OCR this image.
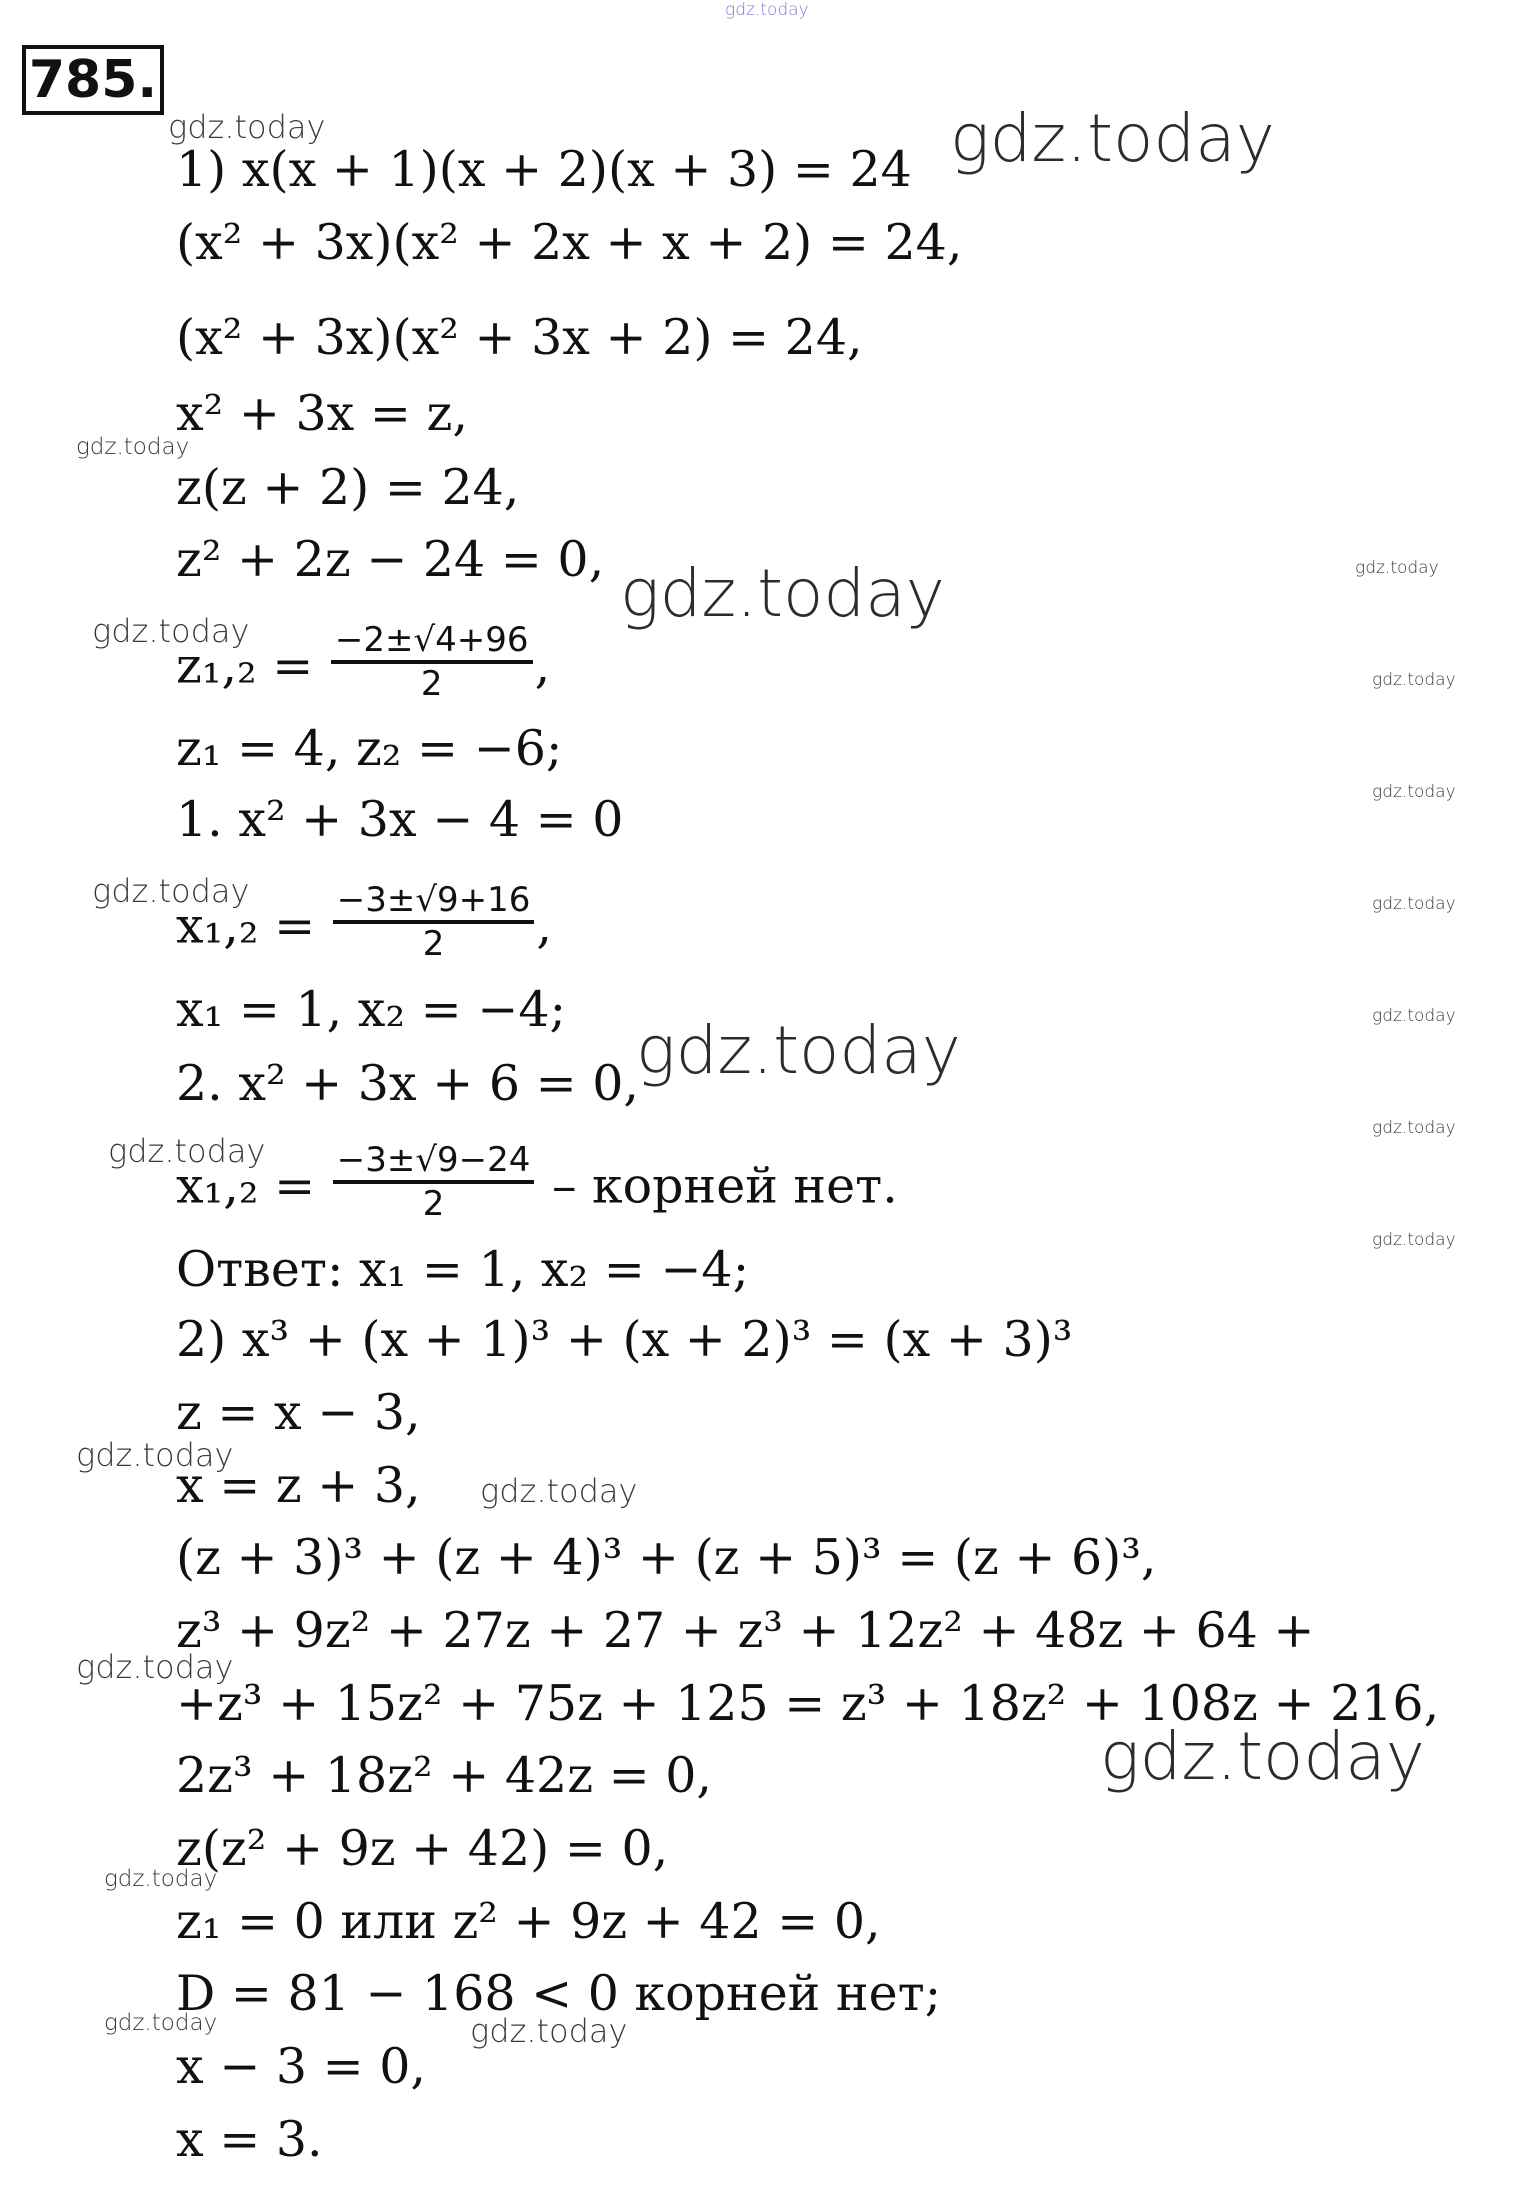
785.
1) x(x + 1)(x + 2)(x + 3) = 24
(x² + 3x)(x² + 2x + x + 2) = 24,
(x² + 3x)(x² + 3x + 2) = 24,
x² + 3x = z,
z(z + 2) = 24,
z² + 2z − 24 = 0,
$z_1,_2 = \frac{-2\pm√4+96}{2}$ ,
z₁ = 4, z₂ = −6;
1. x² + 3x − 4 = 0
$x_1,_2 = \frac{-3\pm√9+16}{2}$ ,
x₁ = 1, x₂ = −4;
2. x² + 3x + 6 = 0,
$x_1,_2 = \frac{-3\pm√9-24}{2}$ – корней нет.
Ответ: x₁ = 1, x₂ = −4;
2) x³ + (x + 1)³ + (x + 2)³ = (x + 3)³
z = x − 3,
x = z + 3,
(z + 3)³ + (z + 4)³ + (z + 5)³ = (z + 6)³,
z³ + 9z² + 27z + 27 + z³ + 12z² + 48z + 64 +
+z³ + 15z² + 75z + 125 = z³ + 18z² + 108z + 216,
2z³ + 18z² + 42z = 0,
z(z² + 9z + 42) = 0,
z₁ = 0 или z² + 9z + 42 = 0,
D = 81 − 168 < 0 корней нет;
x − 3 = 0,
x = 3.
gdz.today
gdz.today	gdz.today
gdz.today
gdz.today	gdz.today
gdz.today
gdz.today
gdz.today
gdz.today	gdz.today
gdz.today
gdz.today
gdz.today
gdz.today
gdz.today
gdz.today
gdz.today
gdz.today
gdz.today
gdz.today
gdz.today	gdz.today
